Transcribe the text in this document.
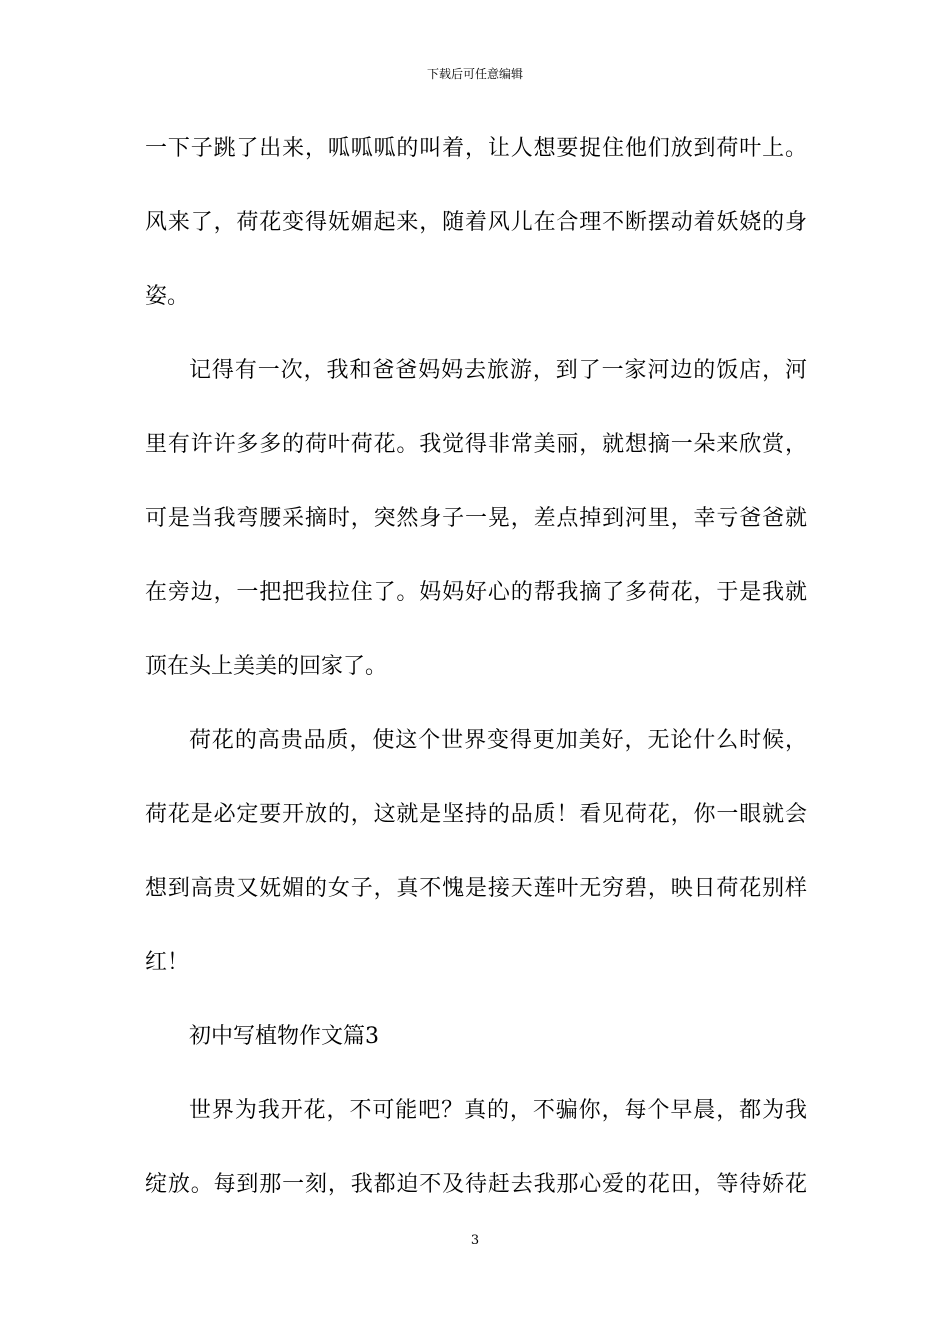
下载后可任意编辑
一下子跳了出来，呱呱呱的叫着，让人想要捉住他们放到荷叶上。
风来了，荷花变得妩媚起来，随着风儿在合理不断摆动着妖娆的身
姿。
记得有一次，我和爸爸妈妈去旅游，到了一家河边的饭店，河
里有许许多多的荷叶荷花。我觉得非常美丽，就想摘一朵来欣赏，
可是当我弯腰采摘时，突然身子一晃，差点掉到河里，幸亏爸爸就
在旁边，一把把我拉住了。妈妈好心的帮我摘了多荷花，于是我就
顶在头上美美的回家了。
荷花的高贵品质，使这个世界变得更加美好，无论什么时候，
荷花是必定要开放的，这就是坚持的品质！看见荷花，你一眼就会
想到高贵又妩媚的女子，真不愧是接天莲叶无穷碧，映日荷花别样
红！
初中写植物作文篇3
世界为我开花，不可能吧？真的，不骗你，每个早晨，都为我
绽放。每到那一刻，我都迫不及待赶去我那心爱的花田，等待娇花
3
